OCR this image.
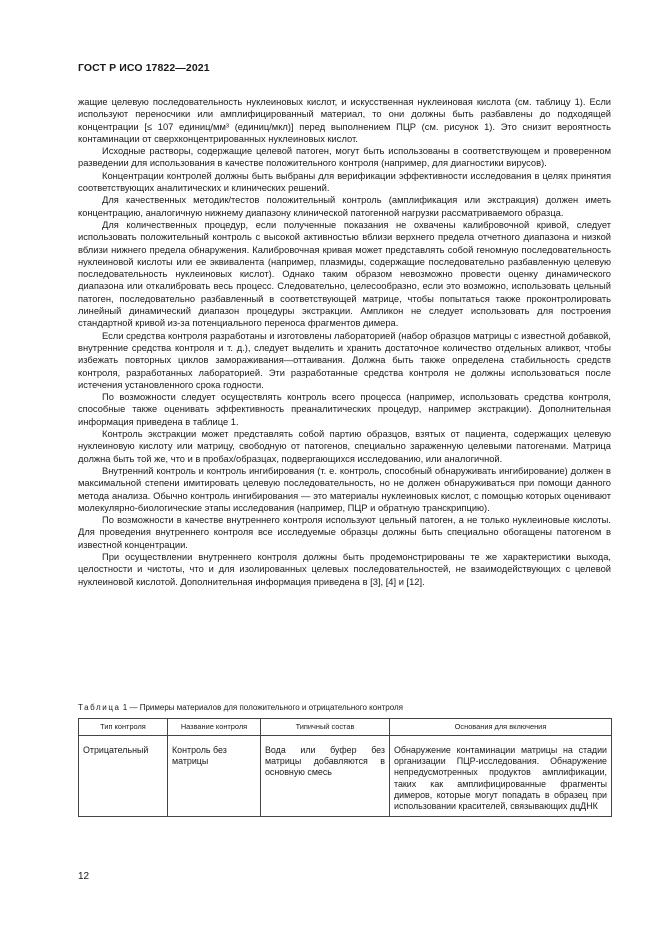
ГОСТ Р ИСО 17822—2021

жащие целевую последовательность нуклеиновых кислот, и искусственная нуклеиновая кислота (см. таблицу 1). Если используют переносчики или амплифицированный материал, то они должны быть разбавлены до подходящей концентрации [≤ 107 единиц/мм³ (единиц/мкл)] перед выполнением ПЦР (см. рисунок 1). Это снизит вероятность контаминации от сверхконцентрированных нуклеиновых кислот.

Исходные растворы, содержащие целевой патоген, могут быть использованы в соответствующем и проверенном разведении для использования в качестве положительного контроля (например, для диагностики вирусов).

Концентрации контролей должны быть выбраны для верификации эффективности исследования в целях принятия соответствующих аналитических и клинических решений.

Для качественных методик/тестов положительный контроль (амплификация или экстракция) должен иметь концентрацию, аналогичную нижнему диапазону клинической патогенной нагрузки рассматриваемого образца.

Для количественных процедур, если полученные показания не охвачены калибровочной кривой, следует использовать положительный контроль с высокой активностью вблизи верхнего предела отчетного диапазона и низкой вблизи нижнего предела обнаружения. Калибровочная кривая может представлять собой геномную последовательность нуклеиновой кислоты или ее эквивалента (например, плазмиды, содержащие последовательно разбавленную целевую последовательность нуклеиновых кислот). Однако таким образом невозможно провести оценку динамического диапазона или откалибровать весь процесс. Следовательно, целесообразно, если это возможно, использовать цельный патоген, последовательно разбавленный в соответствующей матрице, чтобы попытаться также проконтролировать линейный динамический диапазон процедуры экстракции. Ампликон не следует использовать для построения стандартной кривой из-за потенциального переноса фрагментов димера.

Если средства контроля разработаны и изготовлены лабораторией (набор образцов матрицы с известной добавкой, внутренние средства контроля и т. д.), следует выделить и хранить достаточное количество отдельных аликвот, чтобы избежать повторных циклов замораживания—оттаивания. Должна быть также определена стабильность средств контроля, разработанных лабораторией. Эти разработанные средства контроля не должны использоваться после истечения установленного срока годности.

По возможности следует осуществлять контроль всего процесса (например, использовать средства контроля, способные также оценивать эффективность преаналитических процедур, например экстракции). Дополнительная информация приведена в таблице 1.

Контроль экстракции может представлять собой партию образцов, взятых от пациента, содержащих целевую нуклеиновую кислоту или матрицу, свободную от патогенов, специально зараженную целевыми патогенами. Матрица должна быть той же, что и в пробах/образцах, подвергающихся исследованию, или аналогичной.

Внутренний контроль и контроль ингибирования (т. е. контроль, способный обнаруживать ингибирование) должен в максимальной степени имитировать целевую последовательность, но не должен обнаруживаться при помощи данного метода анализа. Обычно контроль ингибирования — это материалы нуклеиновых кислот, с помощью которых оценивают молекулярно-биологические этапы исследования (например, ПЦР и обратную транскрипцию).

По возможности в качестве внутреннего контроля используют цельный патоген, а не только нуклеиновые кислоты. Для проведения внутреннего контроля все исследуемые образцы должны быть специально обогащены патогеном в известной концентрации.

При осуществлении внутреннего контроля должны быть продемонстрированы те же характеристики выхода, целостности и чистоты, что и для изолированных целевых последовательностей, не взаимодействующих с целевой нуклеиновой кислотой. Дополнительная информация приведена в [3], [4] и [12].

Таблица 1 — Примеры материалов для положительного и отрицательного контроля
Тип контроля	Название контроля	Типичный состав	Основания для включения
Отрицательный	Контроль без матрицы	Вода или буфер без матрицы добавляются в основную смесь	Обнаружение контаминации матрицы на стадии организации ПЦР-исследования. Обнаружение непредусмотренных продуктов амплификации, таких как амплифицированные фрагменты димеров, которые могут попадать в образец при использовании красителей, связывающих дцДНК
12
